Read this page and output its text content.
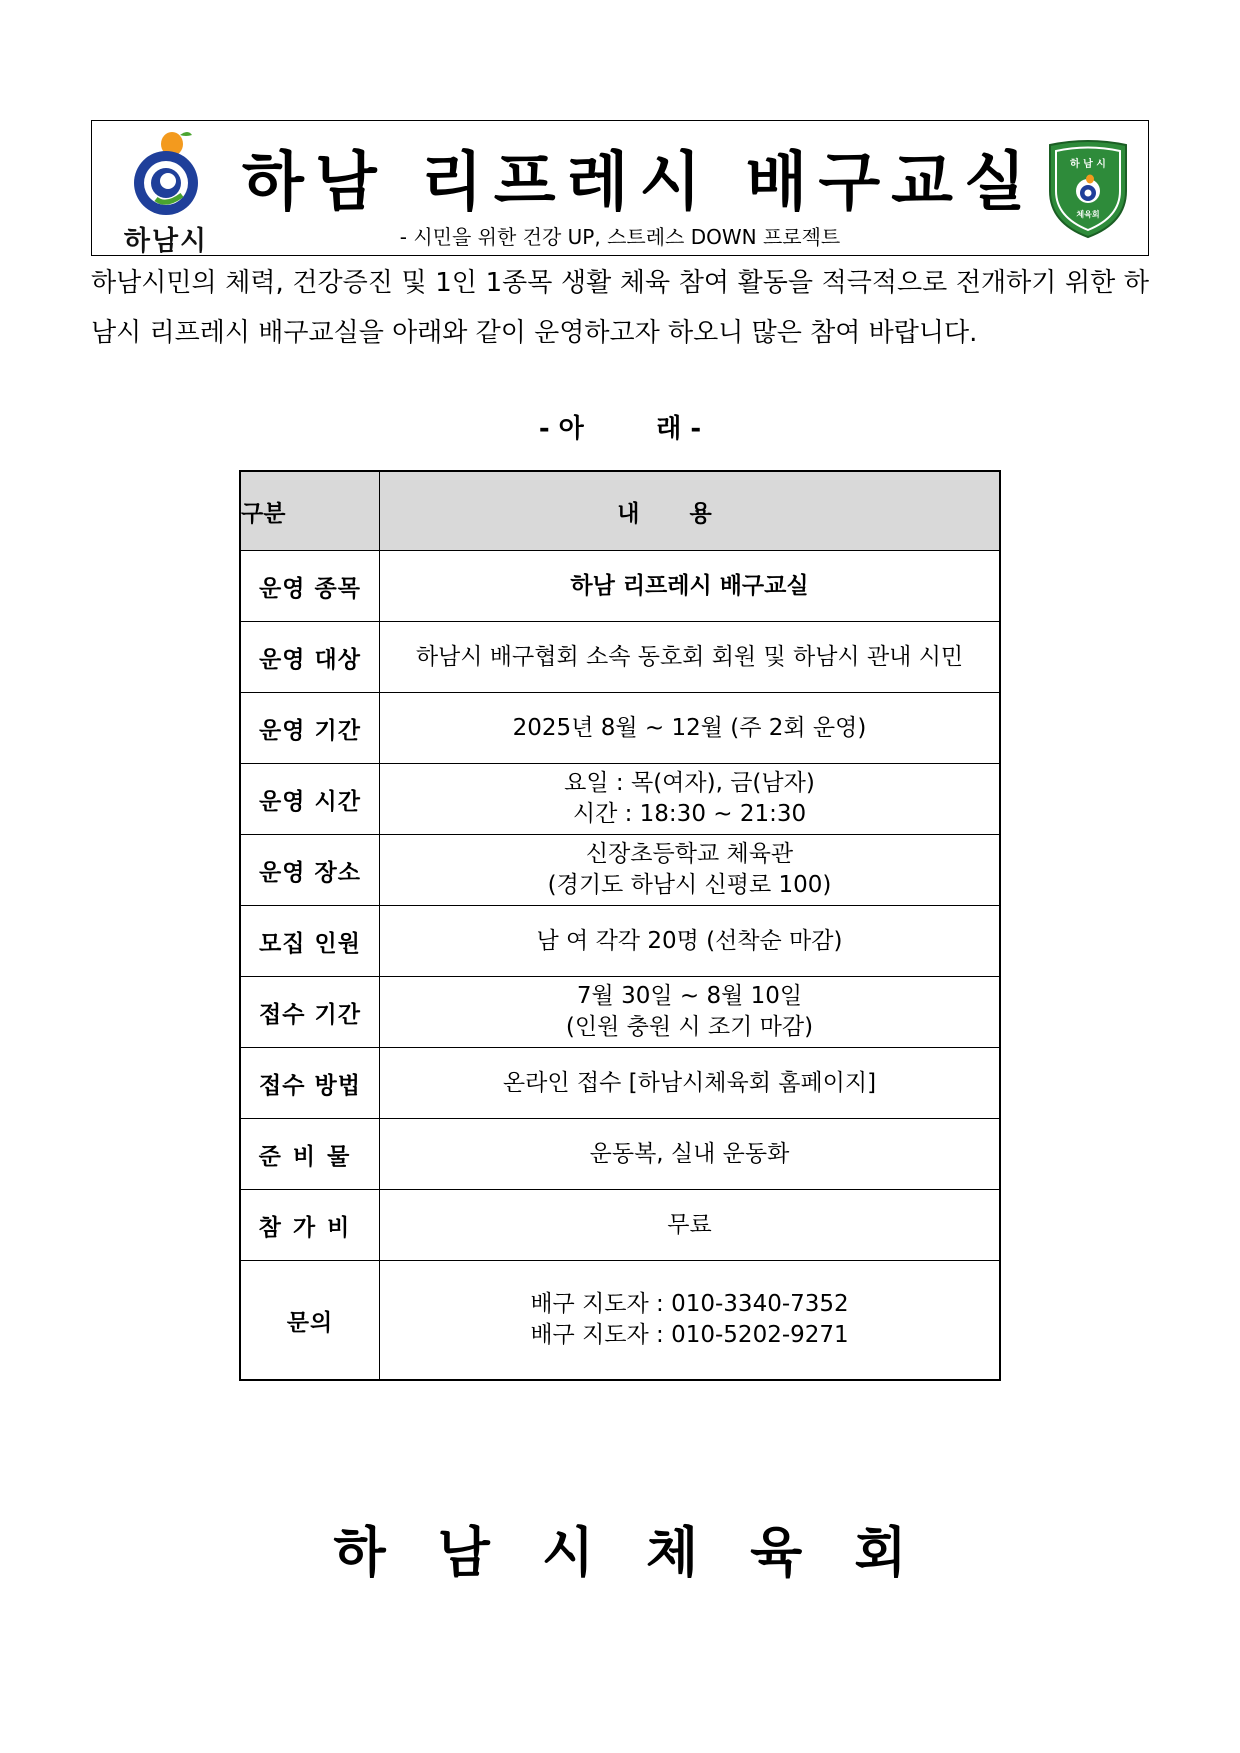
하남시
하남 리프레시 배구교실
- 시민을 위한 건강 UP, 스트레스 DOWN 프로젝트
하 남 시
체육회
하남시민의 체력, 건강증진 및 1인 1종목 생활 체육 참여 활동을 적극적으로 전개하기 위한 하남시 리프레시 배구교실을 아래와 같이 운영하고자 하오니 많은 참여 바랍니다.
- 아        래 -
구분	내용
운영 종목	하남 리프레시 배구교실
운영 대상	하남시 배구협회 소속 동호회 회원 및 하남시 관내 시민
운영 기간	2025년 8월 ~ 12월 (주 2회 운영)
운영 시간	요일 : 목(여자), 금(남자)
시간 : 18:30 ~ 21:30
운영 장소	신장초등학교 체육관
(경기도 하남시 신평로 100)
모집 인원	남 여 각각 20명 (선착순 마감)
접수 기간	7월 30일 ~ 8월 10일
(인원 충원 시 조기 마감)
접수 방법	온라인 접수 [하남시체육회 홈페이지]
준비물	운동복, 실내 운동화
참가비	무료
문의	배구 지도자 : 010-3340-7352
배구 지도자 : 010-5202-9271
하남시체육회
